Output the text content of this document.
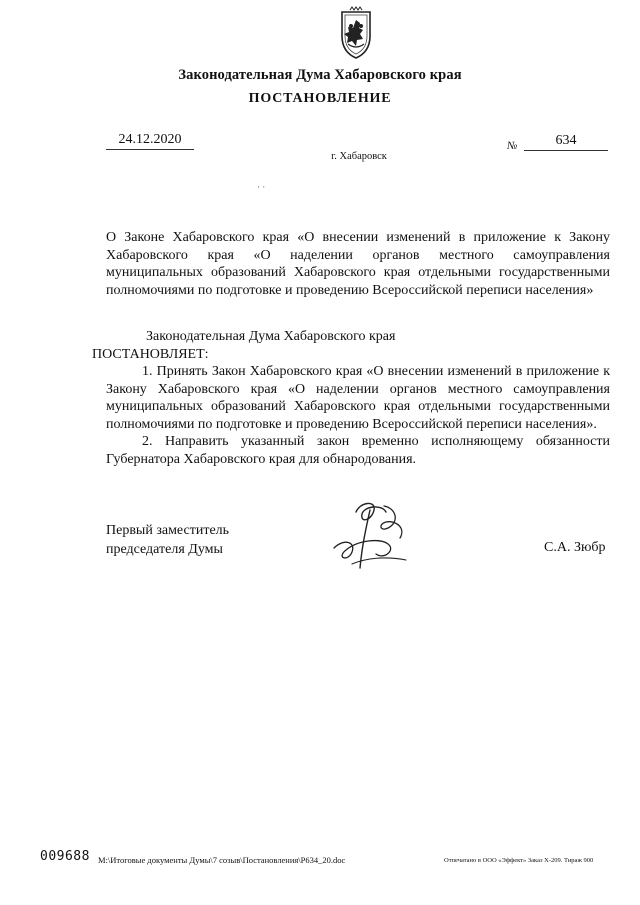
Законодательная Дума Хабаровского края
ПОСТАНОВЛЕНИЕ
24.12.2020	№	634
г. Хабаровск
· ·
О Законе Хабаровского края «О внесении изменений в приложение к Закону Хабаровского края «О наделении органов местного самоуправления муниципальных образований Хабаровского края отдельными государственными полномочиями по подготовке и проведению Всероссийской переписи населения»

Законодательная Дума Хабаровского края

ПОСТАНОВЛЯЕТ:

1. Принять Закон Хабаровского края «О внесении изменений в приложение к Закону Хабаровского края «О наделении органов местного самоуправления муниципальных образований Хабаровского края отдельными государственными полномочиями по подготовке и проведению Всероссийской переписи населения».

2. Направить указанный закон временно исполняющему обязанности Губернатора Хабаровского края для обнародования.

Первый заместитель
председателя Думы	С.А. Зюбр
009688 M:\Итоговые документы Думы\7 созыв\Постановления\Р634_20.doc	Отпечатано в ООО «Эффект» Заказ Х-209. Тираж 900
